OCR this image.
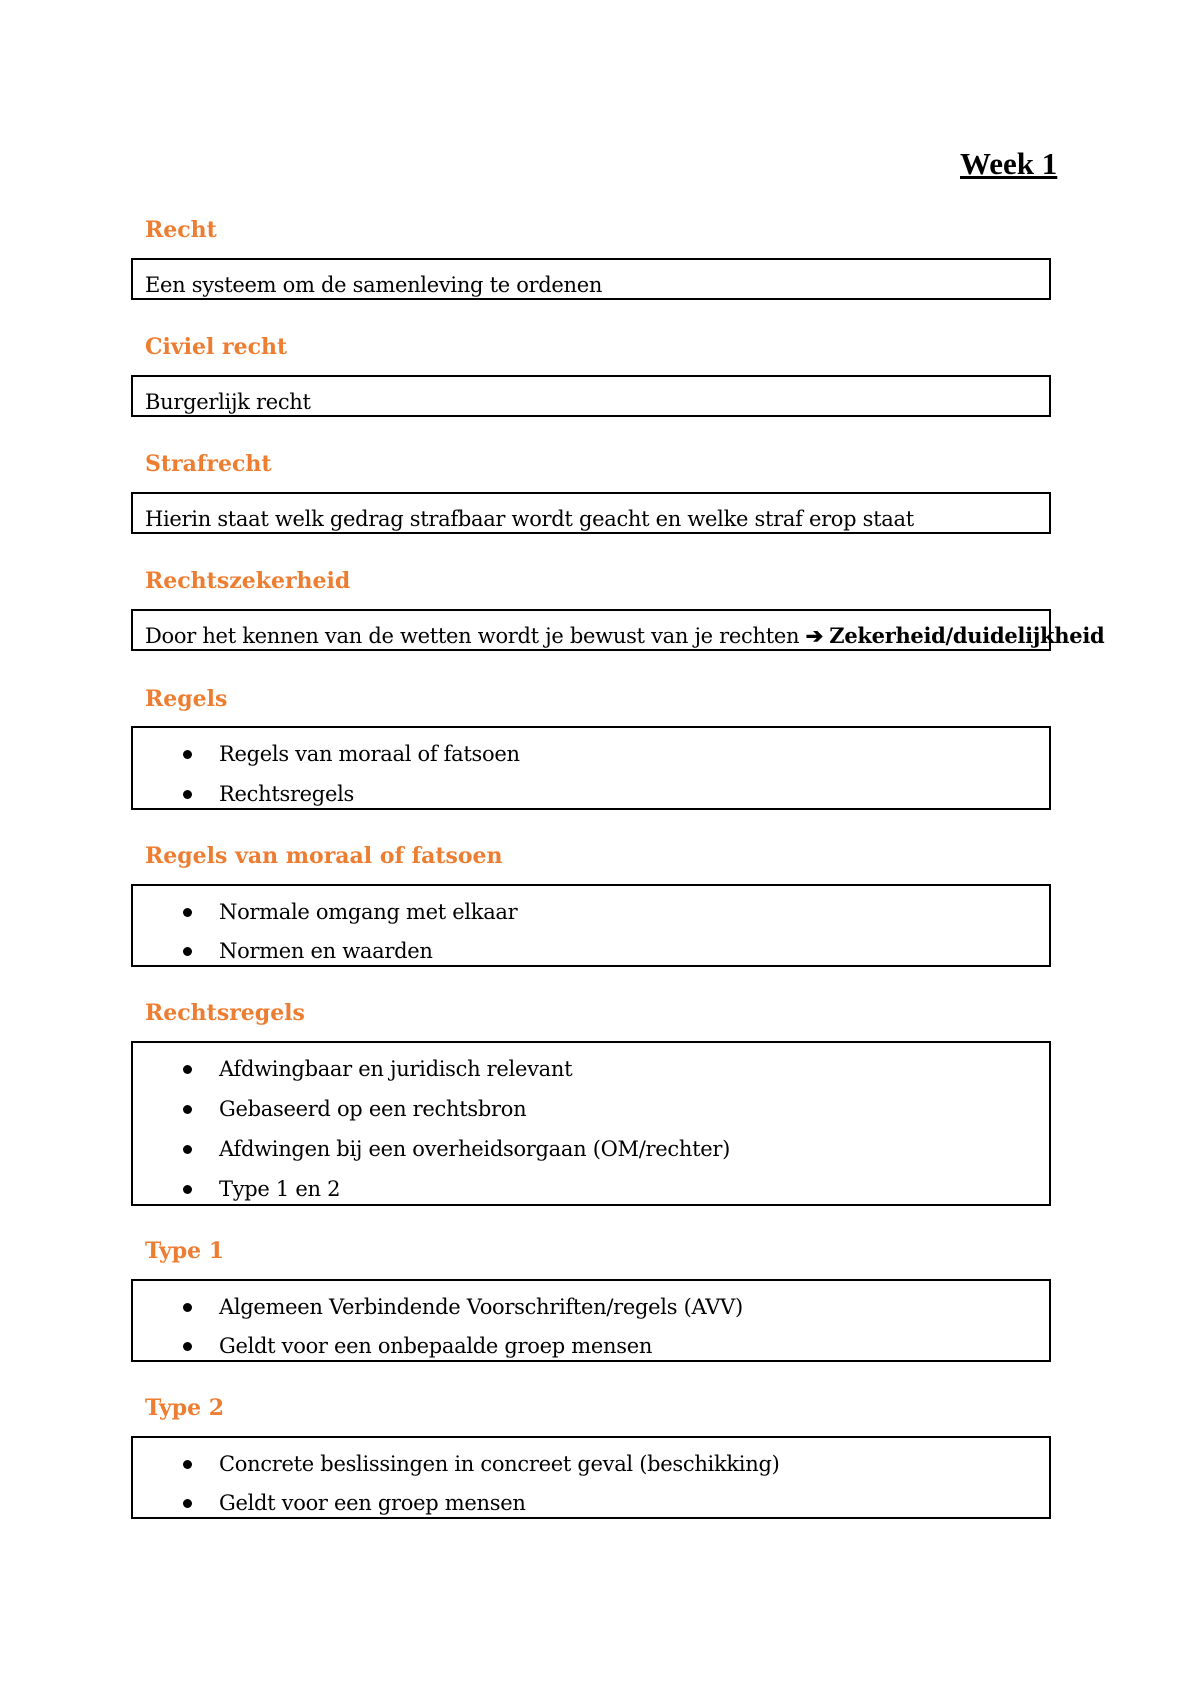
Week 1
Recht
Een systeem om de samenleving te ordenen
Civiel recht
Burgerlijk recht
Strafrecht
Hierin staat welk gedrag strafbaar wordt geacht en welke straf erop staat
Rechtszekerheid
Door het kennen van de wetten wordt je bewust van je rechten ➔ Zekerheid/duidelijkheid
Regels
Regels van moraal of fatsoen
Rechtsregels
Regels van moraal of fatsoen
Normale omgang met elkaar
Normen en waarden
Rechtsregels
Afdwingbaar en juridisch relevant
Gebaseerd op een rechtsbron
Afdwingen bij een overheidsorgaan (OM/rechter)
Type 1 en 2
Type 1
Algemeen Verbindende Voorschriften/regels (AVV)
Geldt voor een onbepaalde groep mensen
Type 2
Concrete beslissingen in concreet geval (beschikking)
Geldt voor een groep mensen
